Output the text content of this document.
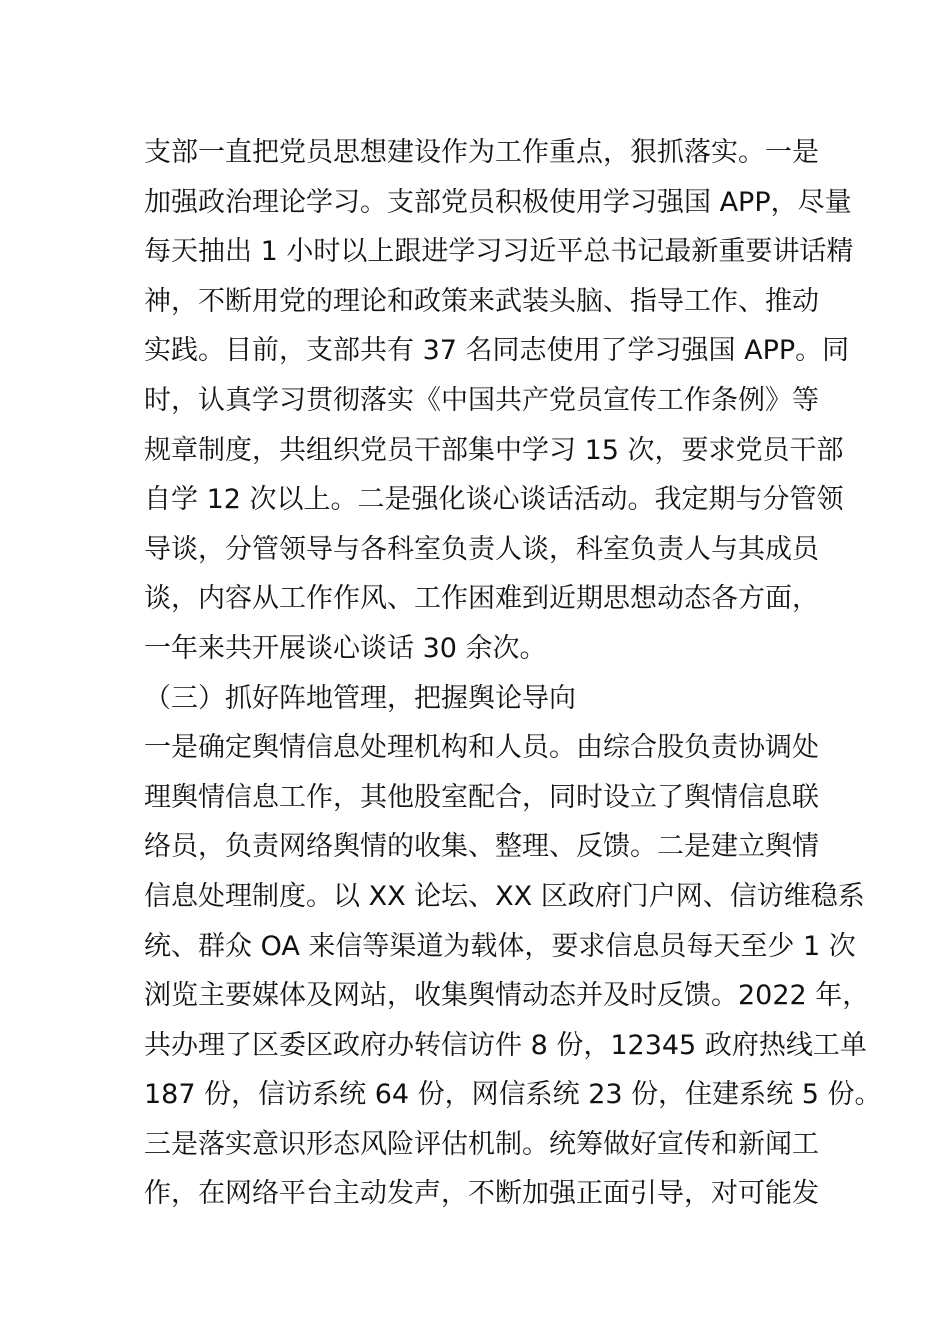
支部一直把党员思想建设作为工作重点，狠抓落实。一是
加强政治理论学习。支部党员积极使用学习强国 APP，尽量
每天抽出 1 小时以上跟进学习习近平总书记最新重要讲话精
神，不断用党的理论和政策来武装头脑、指导工作、推动
实践。目前，支部共有 37 名同志使用了学习强国 APP。同
时，认真学习贯彻落实《中国共产党员宣传工作条例》等
规章制度，共组织党员干部集中学习 15 次，要求党员干部
自学 12 次以上。二是强化谈心谈话活动。我定期与分管领
导谈，分管领导与各科室负责人谈，科室负责人与其成员
谈，内容从工作作风、工作困难到近期思想动态各方面，
一年来共开展谈心谈话 30 余次。
（三）抓好阵地管理，把握舆论导向
一是确定舆情信息处理机构和人员。由综合股负责协调处
理舆情信息工作，其他股室配合，同时设立了舆情信息联
络员，负责网络舆情的收集、整理、反馈。二是建立舆情
信息处理制度。以 XX 论坛、XX 区政府门户网、信访维稳系
统、群众 OA 来信等渠道为载体，要求信息员每天至少 1 次
浏览主要媒体及网站，收集舆情动态并及时反馈。2022 年，
共办理了区委区政府办转信访件 8 份，12345 政府热线工单
187 份，信访系统 64 份，网信系统 23 份，住建系统 5 份。
三是落实意识形态风险评估机制。统筹做好宣传和新闻工
作，在网络平台主动发声，不断加强正面引导，对可能发
